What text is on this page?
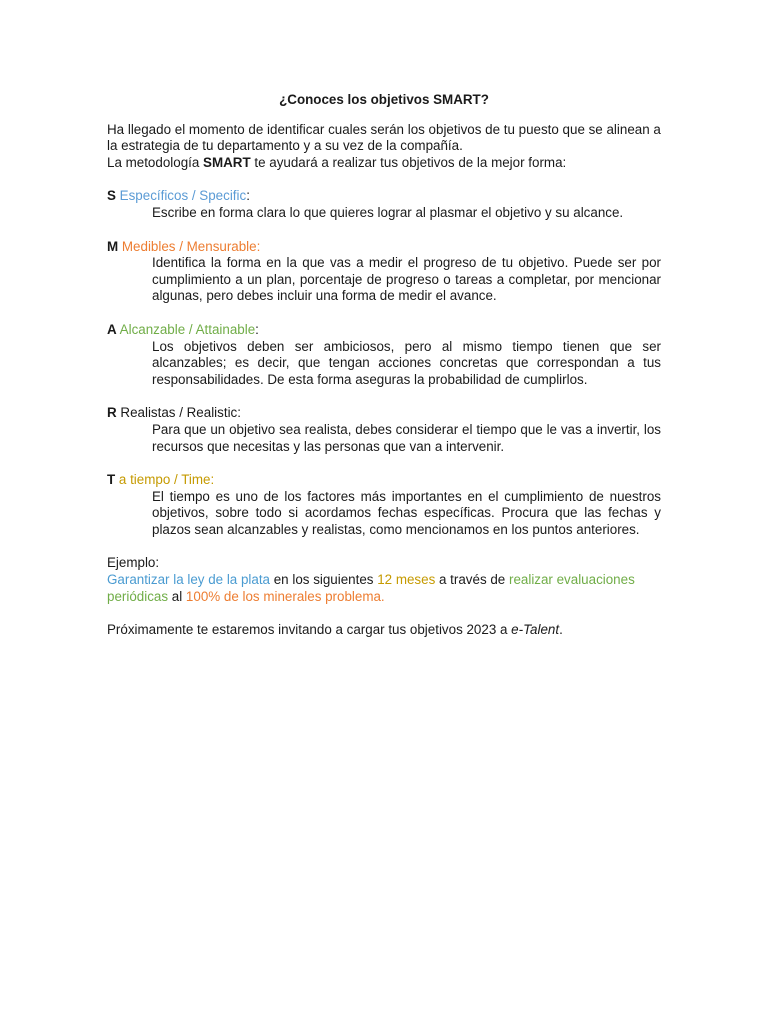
¿Conoces los objetivos SMART?

Ha llegado el momento de identificar cuales serán los objetivos de tu puesto que se alinean a la estrategia de tu departamento y a su vez de la compañía.
La metodología SMART te ayudará a realizar tus objetivos de la mejor forma:

S Específicos / Specific:

Escribe en forma clara lo que quieres lograr al plasmar el objetivo y su alcance.

M Medibles / Mensurable:

Identifica la forma en la que vas a medir el progreso de tu objetivo. Puede ser por cumplimiento a un plan, porcentaje de progreso o tareas a completar, por mencionar algunas, pero debes incluir una forma de medir el avance.

A Alcanzable / Attainable:

Los objetivos deben ser ambiciosos, pero al mismo tiempo tienen que ser alcanzables; es decir, que tengan acciones concretas que correspondan a tus responsabilidades. De esta forma aseguras la probabilidad de cumplirlos.

R Realistas / Realistic:

Para que un objetivo sea realista, debes considerar el tiempo que le vas a invertir, los recursos que necesitas y las personas que van a intervenir.

T a tiempo / Time:

El tiempo es uno de los factores más importantes en el cumplimiento de nuestros objetivos, sobre todo si acordamos fechas específicas. Procura que las fechas y plazos sean alcanzables y realistas, como mencionamos en los puntos anteriores.

Ejemplo:

Garantizar la ley de la plata en los siguientes 12 meses a través de realizar evaluaciones periódicas al 100% de los minerales problema.

Próximamente te estaremos invitando a cargar tus objetivos 2023 a e-Talent.
